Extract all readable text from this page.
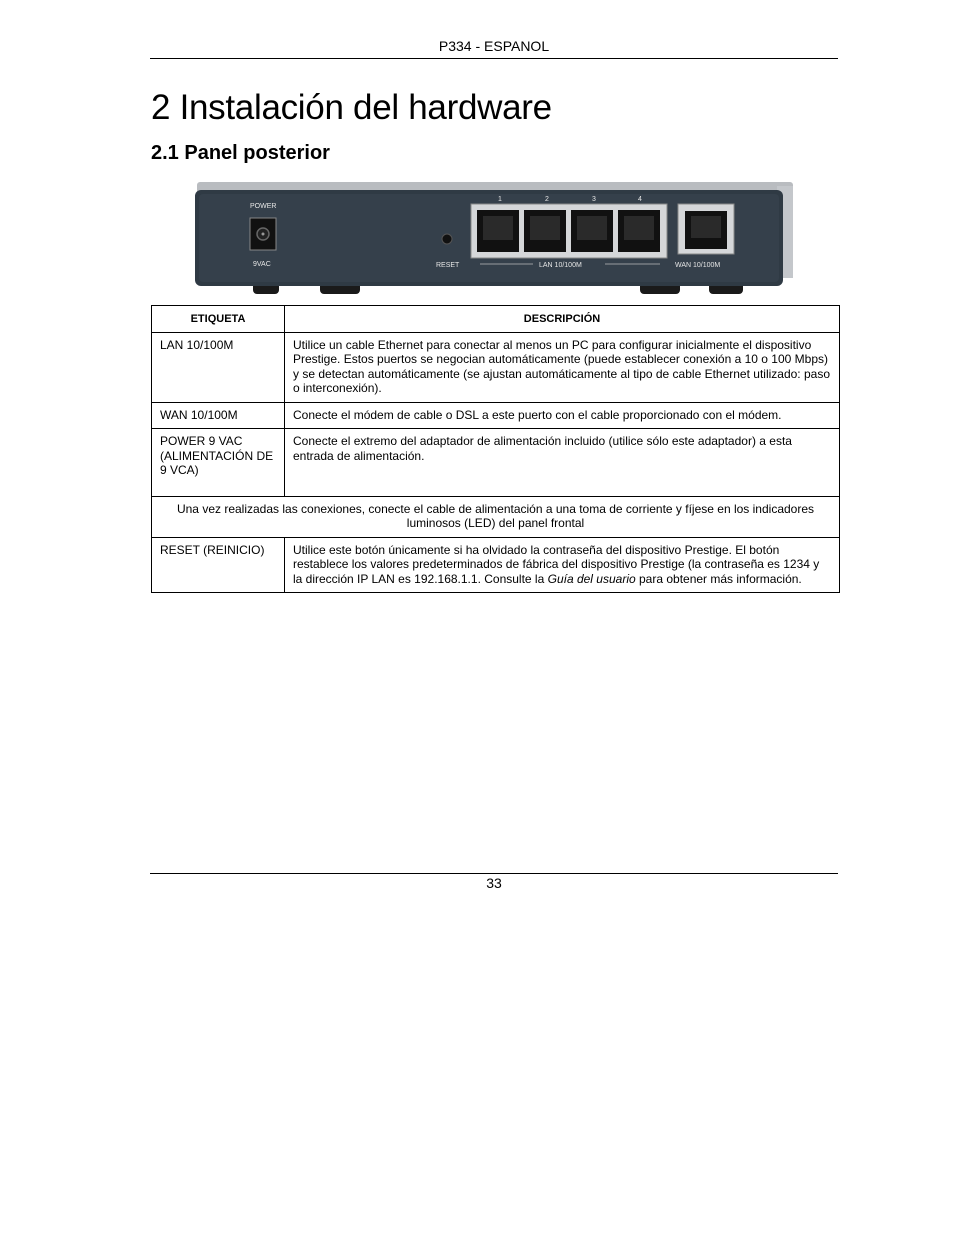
P334 - ESPANOL
2 Instalación del hardware
2.1 Panel posterior
POWER
9VAC	RESET
1	2	3	4
LAN 10/100M	WAN 10/100M
ETIQUETA	DESCRIPCIÓN
LAN 10/100M	Utilice un cable Ethernet para conectar al menos un PC para configurar inicialmente el dispositivo Prestige. Estos puertos se negocian automáticamente (puede establecer conexión a 10 o 100 Mbps) y se detectan automáticamente (se ajustan automáticamente al tipo de cable Ethernet utilizado: paso o interconexión).
WAN 10/100M	Conecte el módem de cable o DSL a este puerto con el cable proporcionado con el módem.
POWER 9 VAC (ALIMENTACIÓN DE 9 VCA)	Conecte el extremo del adaptador de alimentación incluido (utilice sólo este adaptador) a esta entrada de alimentación.
Una vez realizadas las conexiones, conecte el cable de alimentación a una toma de corriente y fíjese en los indicadores luminosos (LED) del panel frontal	
RESET (REINICIO)	Utilice este botón únicamente si ha olvidado la contraseña del dispositivo Prestige. El botón restablece los valores predeterminados de fábrica del dispositivo Prestige (la contraseña es 1234 y la dirección IP LAN es 192.168.1.1. Consulte la Guía del usuario para obtener más información.
33
